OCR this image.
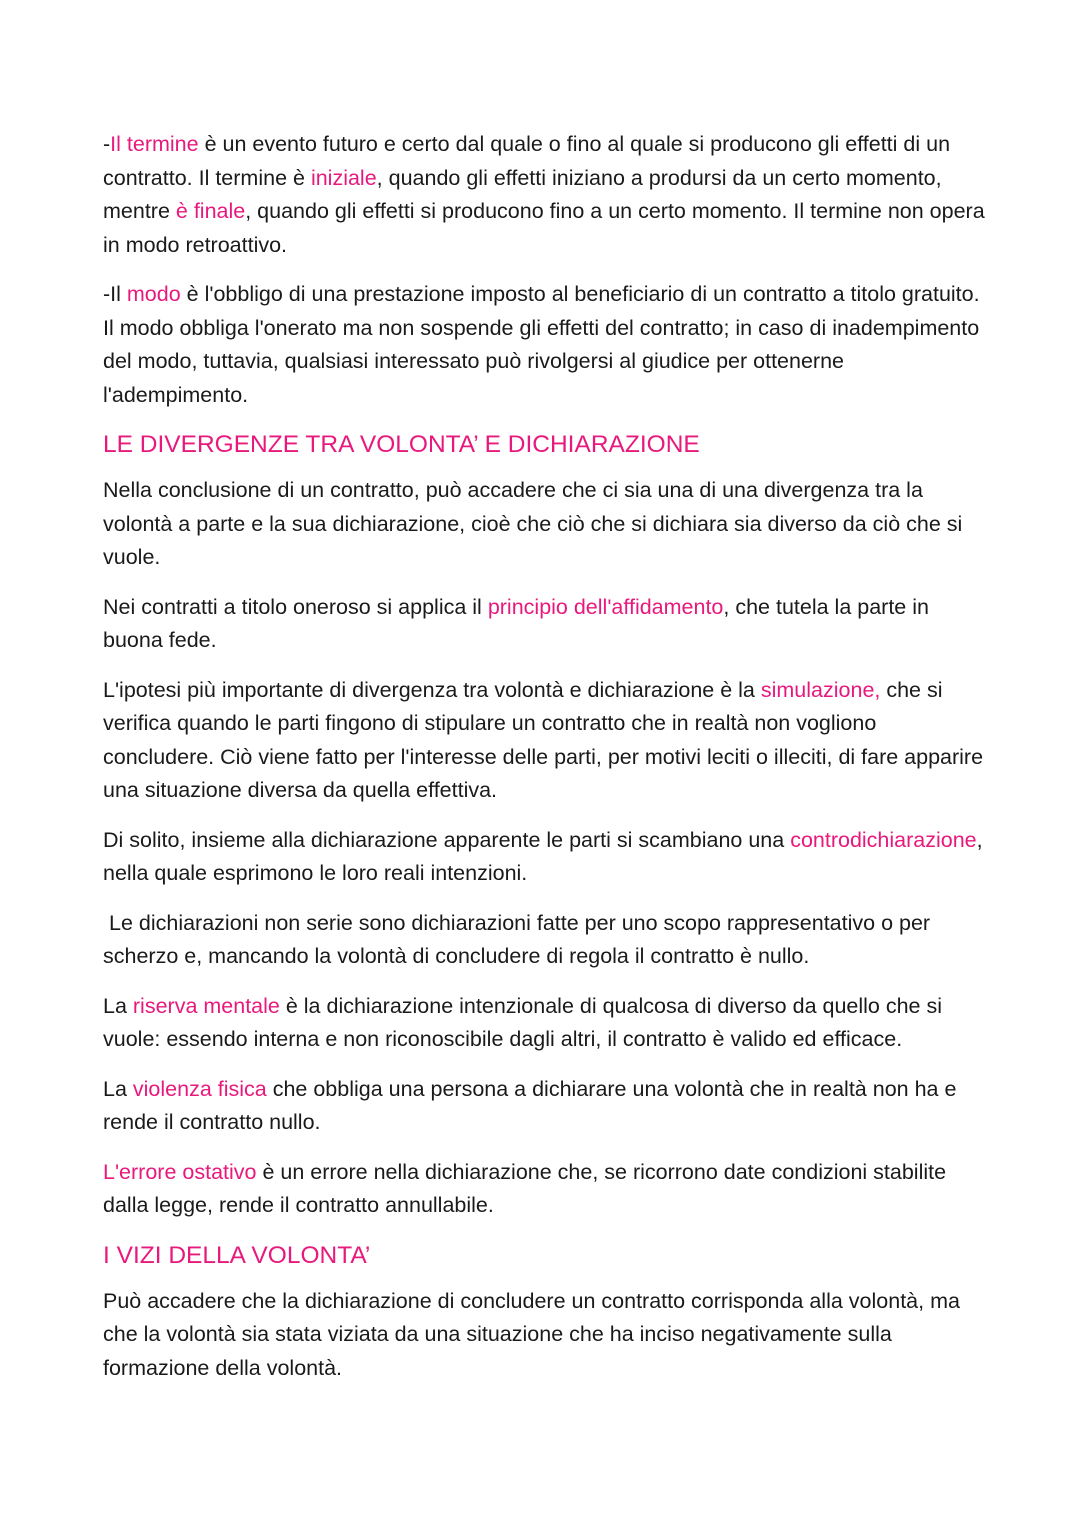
-Il termine è un evento futuro e certo dal quale o fino al quale si producono gli effetti di un contratto. Il termine è iniziale, quando gli effetti iniziano a prodursi da un certo momento, mentre è finale, quando gli effetti si producono fino a un certo momento. Il termine non opera in modo retroattivo.

-Il modo è l'obbligo di una prestazione imposto al beneficiario di un contratto a titolo gratuito. Il modo obbliga l'onerato ma non sospende gli effetti del contratto; in caso di inadempimento del modo, tuttavia, qualsiasi interessato può rivolgersi al giudice per ottenerne l'adempimento.

LE DIVERGENZE TRA VOLONTA’ E DICHIARAZIONE

Nella conclusione di un contratto, può accadere che ci sia una di una divergenza tra la volontà a parte e la sua dichiarazione, cioè che ciò che si dichiara sia diverso da ciò che si vuole.

Nei contratti a titolo oneroso si applica il principio dell'affidamento, che tutela la parte in buona fede.

L'ipotesi più importante di divergenza tra volontà e dichiarazione è la simulazione, che si verifica quando le parti fingono di stipulare un contratto che in realtà non vogliono concludere. Ciò viene fatto per l'interesse delle parti, per motivi leciti o illeciti, di fare apparire una situazione diversa da quella effettiva.

Di solito, insieme alla dichiarazione apparente le parti si scambiano una controdichiarazione, nella quale esprimono le loro reali intenzioni.

Le dichiarazioni non serie sono dichiarazioni fatte per uno scopo rappresentativo o per scherzo e, mancando la volontà di concludere di regola il contratto è nullo.

La riserva mentale è la dichiarazione intenzionale di qualcosa di diverso da quello che si vuole: essendo interna e non riconoscibile dagli altri, il contratto è valido ed efficace.

La violenza fisica che obbliga una persona a dichiarare una volontà che in realtà non ha e rende il contratto nullo.

L'errore ostativo è un errore nella dichiarazione che, se ricorrono date condizioni stabilite dalla legge, rende il contratto annullabile.

I VIZI DELLA VOLONTA’

Può accadere che la dichiarazione di concludere un contratto corrisponda alla volontà, ma che la volontà sia stata viziata da una situazione che ha inciso negativamente sulla formazione della volontà.
